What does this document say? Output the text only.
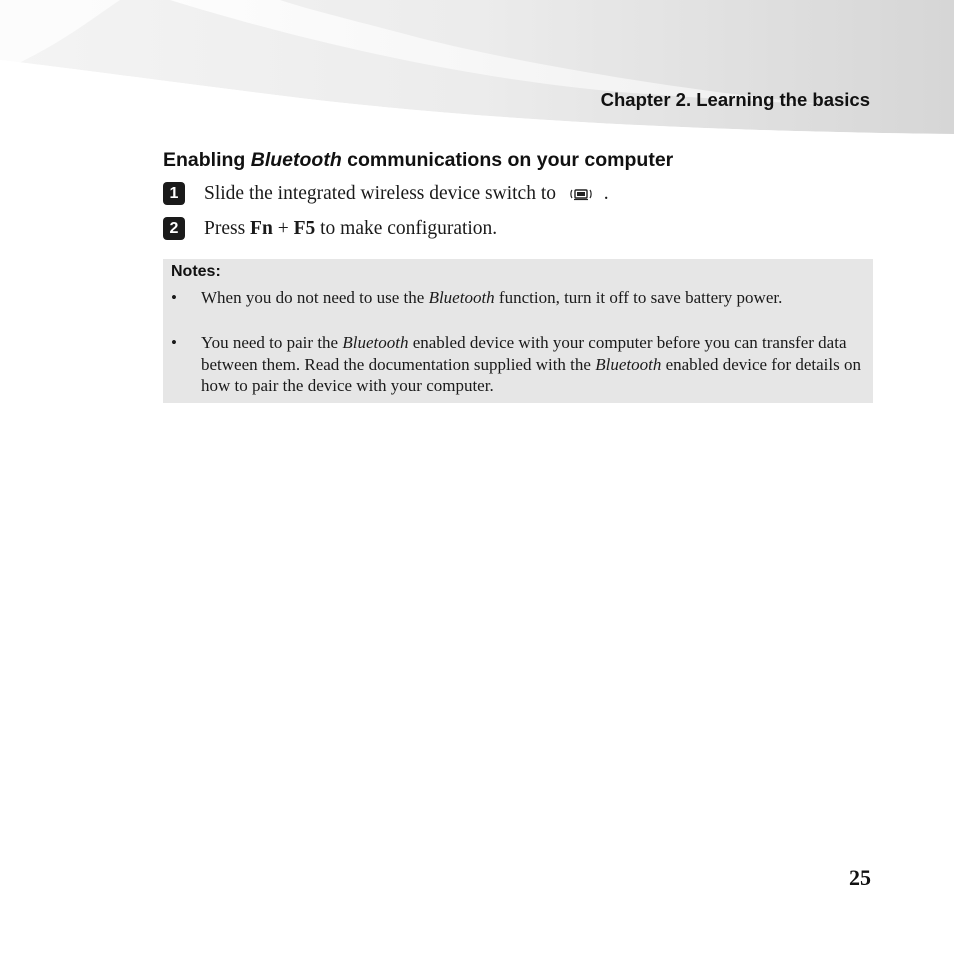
Chapter 2. Learning the basics
Enabling Bluetooth communications on your computer
1	Slide the integrated wireless device switch to .
2	Press Fn + F5 to make configuration.
Notes:
• When you do not need to use the Bluetooth function, turn it off to save battery power.
• You need to pair the Bluetooth enabled device with your computer before you can transfer data between them. Read the documentation supplied with the Bluetooth enabled device for details on how to pair the device with your computer.
25
